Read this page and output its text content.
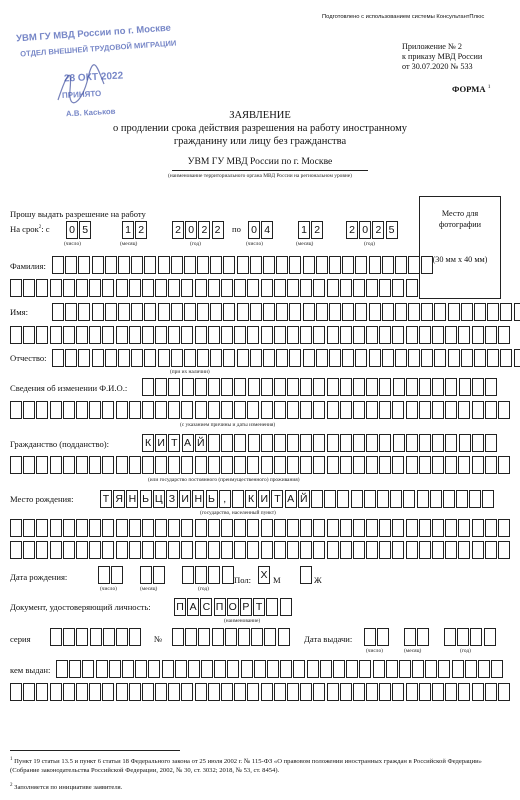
Подготовлено с использованием системы КонсультантПлюс
Приложение № 2
к приказу МВД России
от 30.07.2020 № 533
ФОРМА $^1$
УВМ ГУ МВД России по г. Москве
ОТДЕЛ ВНЕШНЕЙ ТРУДОВОЙ МИГРАЦИИ
28 ОКТ 2022
ПРИНЯТО
А.В. Каськов	ЗАЯВЛЕНИЕ
о продлении срока действия разрешения на работу иностранному
гражданину или лицу без гражданства
УВМ ГУ МВД России по г. Москве
(наименование территориального органа МВД России на региональном уровне)
Место для
фотографии
(30 мм х 40 мм)
Прошу выдать разрешение на работу
На срок$^2$: с 0 5	1 2	2 0 2 2	по 0 4	1 2	2 0 2 5
(число)	(месяц)	(год)	(число)	(месяц)	(год)
Фамилия:
Имя:
Отчество:
(при их наличии)
Сведения об изменении Ф.И.О.:
(с указанием причины и даты изменения)
Гражданство (подданство):	К И Т А Й
(или государство постоянного (преимущественного) проживания)
Место рождения:	Т Я Н Ь Ц З И Н Ь ,	К И Т А Й
(государство, населенный пункт)
Дата рождения:
(число)	(месяц)	(год)
Пол: Х М	Ж
Документ, удостоверяющий личность: П А С П О Р Т
(наименование)
серия	№	Дата выдачи:
(число)	(месяц)	(год)
кем выдан:
$^1$ Пункт 19 статьи 13.5 и пункт 6 статьи 18 Федерального закона от 25 июля 2002 г. № 115-ФЗ «О правовом положении иностранных граждан в Российской Федерации» (Собрание законодательства Российской Федерации, 2002, № 30, ст. 3032; 2018, № 53, ст. 8454).
$^2$ Заполняется по инициативе заявителя.
